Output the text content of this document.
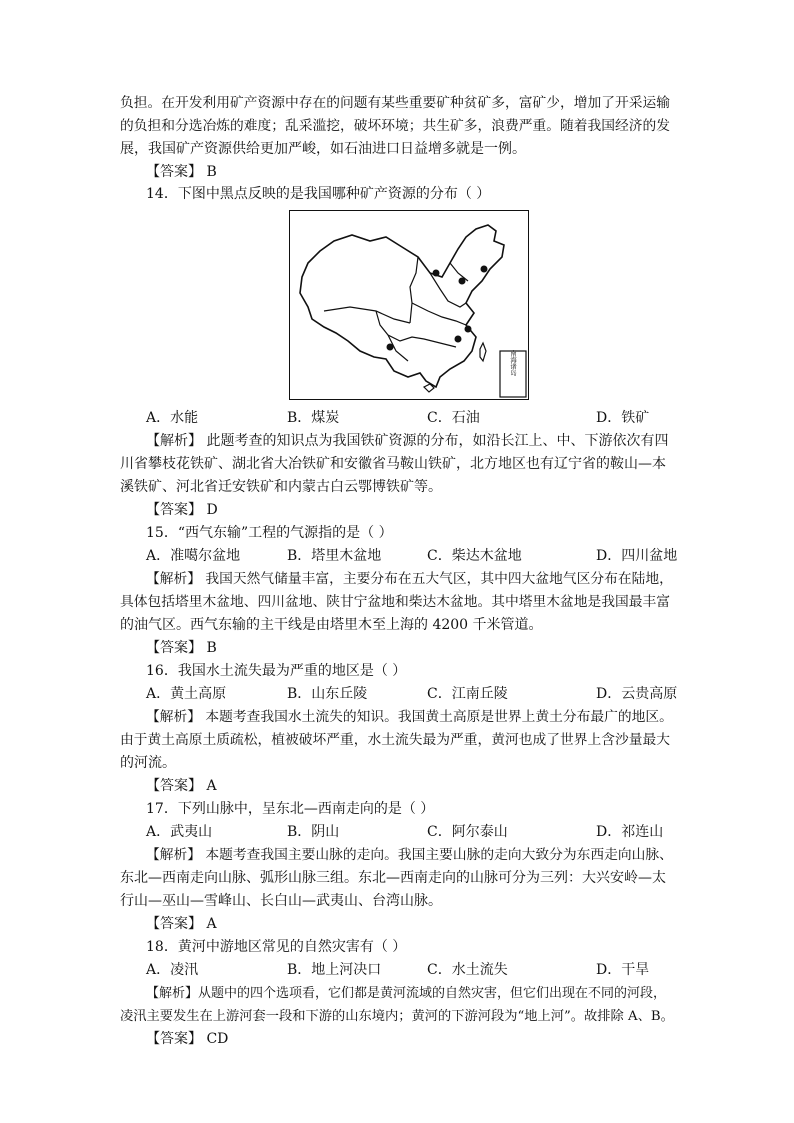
负担。在开发利用矿产资源中存在的问题有某些重要矿种贫矿多，富矿少，增加了开采运输
的负担和分选冶炼的难度；乱采滥挖，破坏环境；共生矿多，浪费严重。随着我国经济的发
展，我国矿产资源供给更加严峻，如石油进口日益增多就是一例。
【答案】 B
14．下图中黑点反映的是我国哪种矿产资源的分布（ ）
南海诸岛
A．水能	B．煤炭	C．石油	D．铁矿
【解析】 此题考查的知识点为我国铁矿资源的分布，如沿长江上、中、下游依次有四
川省攀枝花铁矿、湖北省大冶铁矿和安徽省马鞍山铁矿，北方地区也有辽宁省的鞍山—本
溪铁矿、河北省迁安铁矿和内蒙古白云鄂博铁矿等。
【答案】 D
15．“西气东输”工程的气源指的是（ ）
A．准噶尔盆地	B．塔里木盆地	C．柴达木盆地	D．四川盆地
【解析】 我国天然气储量丰富，主要分布在五大气区，其中四大盆地气区分布在陆地，
具体包括塔里木盆地、四川盆地、陕甘宁盆地和柴达木盆地。其中塔里木盆地是我国最丰富
的油气区。西气东输的主干线是由塔里木至上海的 4200 千米管道。
【答案】 B
16．我国水土流失最为严重的地区是（ ）
A．黄土高原	B．山东丘陵	C．江南丘陵	D．云贵高原
【解析】 本题考查我国水土流失的知识。我国黄土高原是世界上黄土分布最广的地区。
由于黄土高原土质疏松，植被破坏严重，水土流失最为严重，黄河也成了世界上含沙量最大
的河流。
【答案】 A
17．下列山脉中，呈东北—西南走向的是（ ）
A．武夷山	B．阴山	C．阿尔泰山	D．祁连山
【解析】 本题考查我国主要山脉的走向。我国主要山脉的走向大致分为东西走向山脉、
东北—西南走向山脉、弧形山脉三组。东北—西南走向的山脉可分为三列：大兴安岭—太
行山—巫山—雪峰山、长白山—武夷山、台湾山脉。
【答案】 A
18．黄河中游地区常见的自然灾害有（ ）
A．凌汛	B．地上河决口	C．水土流失	D．干旱
【解析】从题中的四个选项看，它们都是黄河流域的自然灾害，但它们出现在不同的河段，
凌汛主要发生在上游河套一段和下游的山东境内；黄河的下游河段为“地上河”。故排除 A、B。
【答案】 CD
